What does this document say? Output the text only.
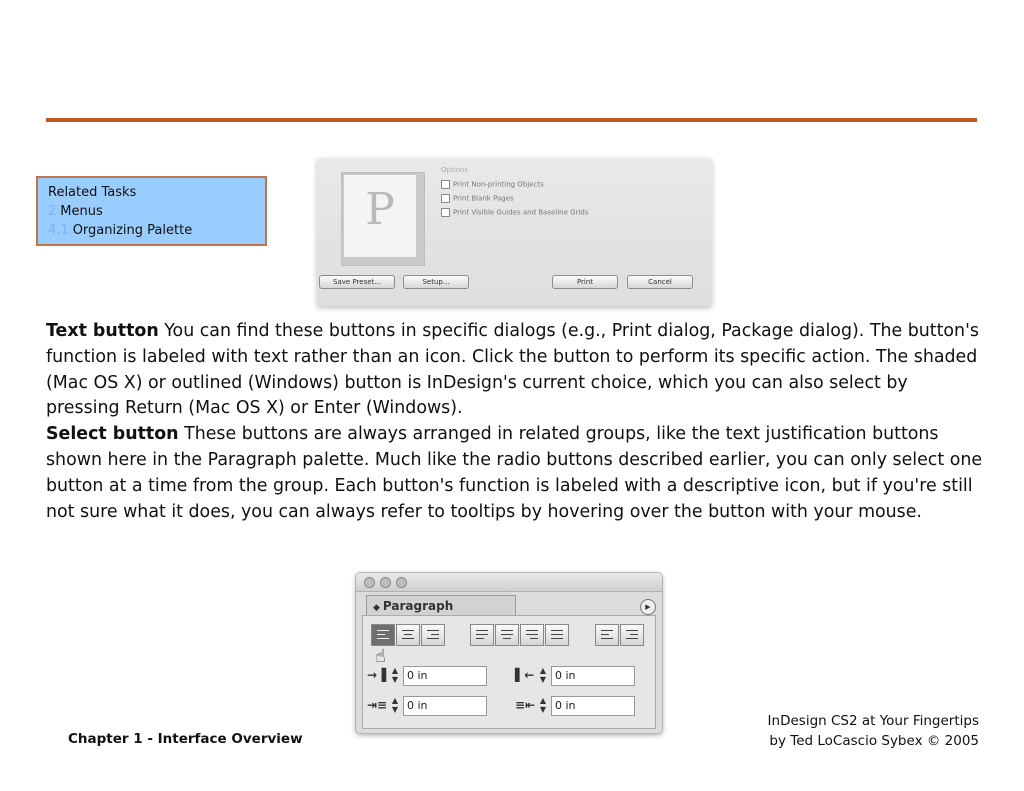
Related Tasks
2 Menus
4.1 Organizing Palette	P
Options
Print Non-printing Objects
Print Blank Pages
Print Visible Guides and Baseline Grids
Save Preset...	Setup...	Print	Cancel

Text button You can find these buttons in specific dialogs (e.g., Print dialog, Package dialog). The button's function is labeled with text rather than an icon. Click the button to perform its specific action. The shaded (Mac OS X) or outlined (Windows) button is InDesign's current choice, which you can also select by pressing Return (Mac OS X) or Enter (Windows).

Select button These buttons are always arranged in related groups, like the text justification buttons shown here in the Paragraph palette. Much like the radio buttons described earlier, you can only select one button at a time from the group. Each button's function is labeled with a descriptive icon, but if you're still not sure what it does, you can always refer to tooltips by hovering over the button with your mouse.

◆ Paragraph	▶
☝
→▐ ▲
▼ 0 in	▌← ▲
▼ 0 in
⇥≡ ▲
▼ 0 in	≡⇤ ▲
▼ 0 in
Chapter 1 - Interface Overview
InDesign CS2 at Your Fingertips
by Ted LoCascio Sybex © 2005
